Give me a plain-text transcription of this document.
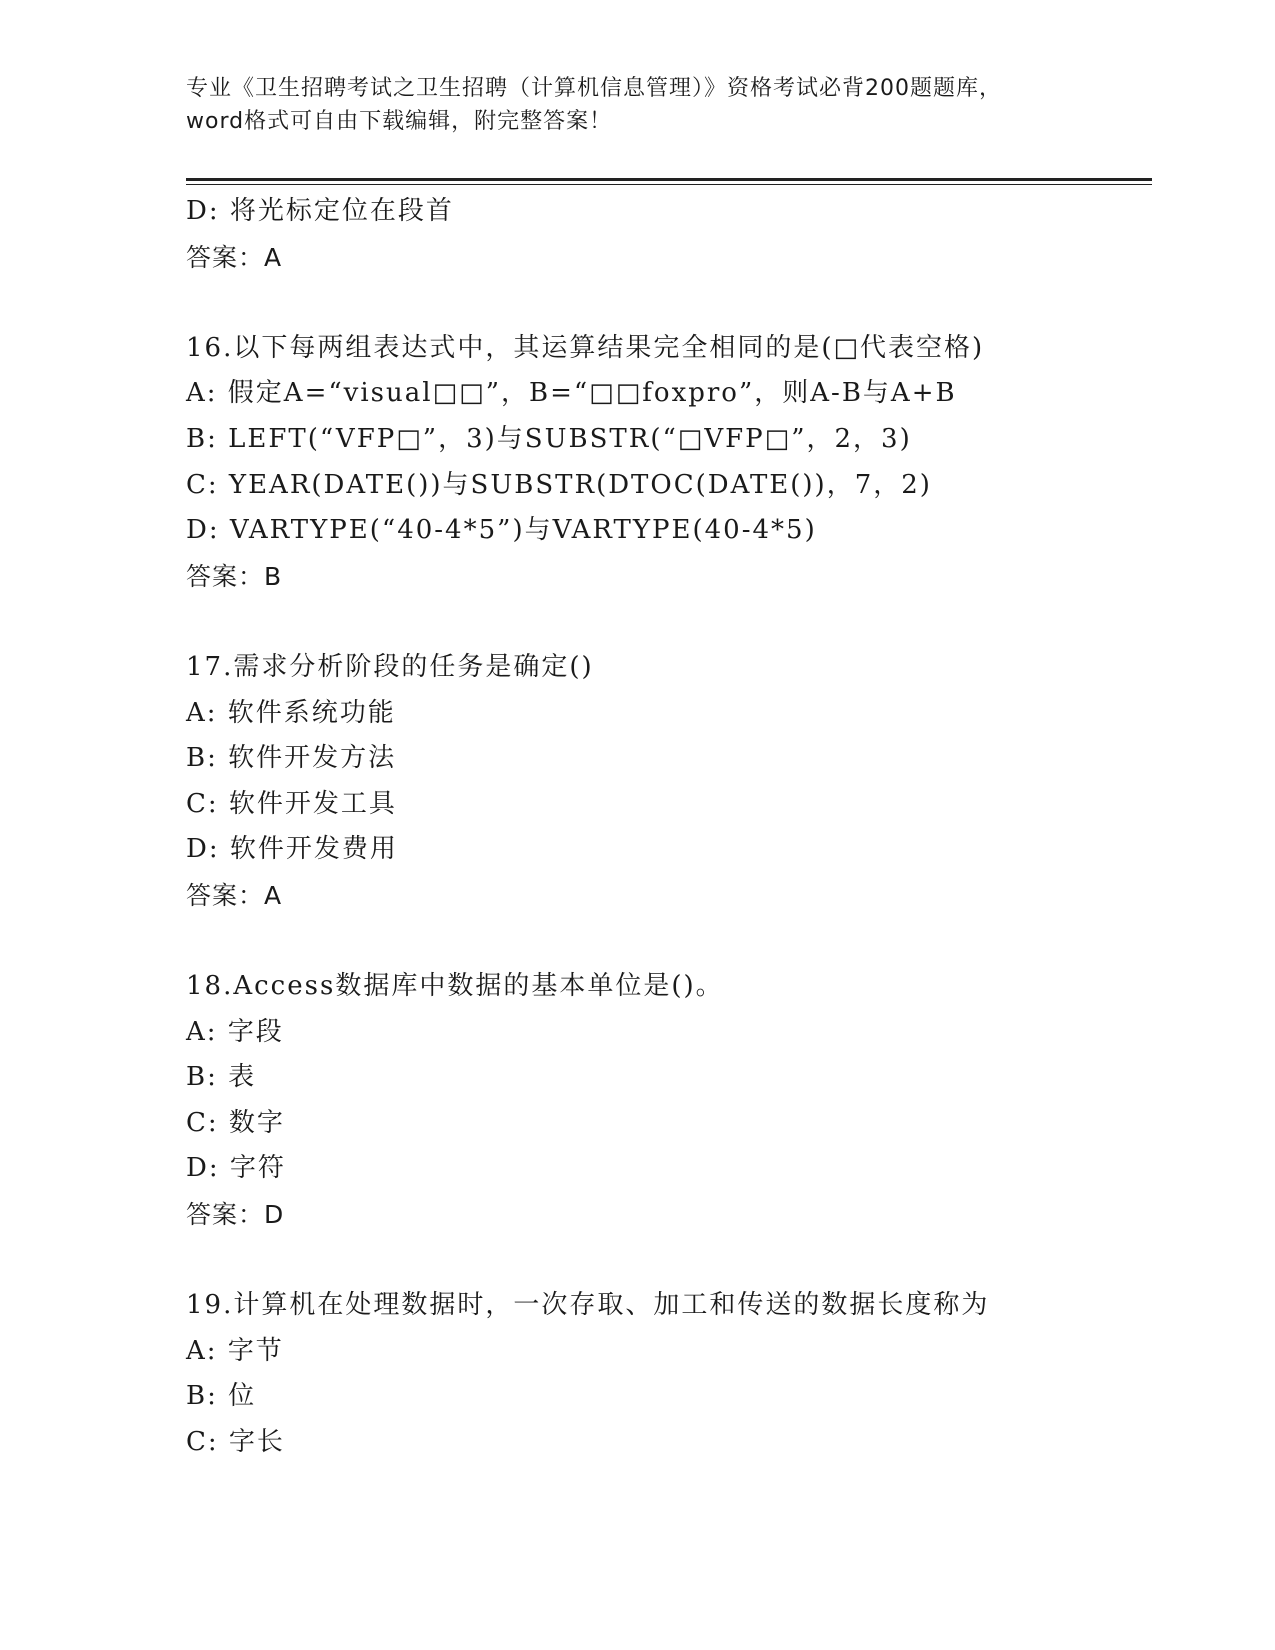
专业《卫生招聘考试之卫生招聘（计算机信息管理）》资格考试必背200题题库，
word格式可自由下载编辑，附完整答案！
D: 将光标定位在段首
答案：A
16.以下每两组表达式中，其运算结果完全相同的是(□代表空格)
A: 假定A=“visual□□”，B=“□□foxpro”，则A-B与A+B
B: LEFT(“VFP□”，3)与SUBSTR(“□VFP□”，2，3)
C: YEAR(DATE())与SUBSTR(DTOC(DATE())，7，2)
D: VARTYPE(“40-4*5”)与VARTYPE(40-4*5)
答案：B
17.需求分析阶段的任务是确定()
A: 软件系统功能
B: 软件开发方法
C: 软件开发工具
D: 软件开发费用
答案：A
18.Access数据库中数据的基本单位是()。
A: 字段
B: 表
C: 数字
D: 字符
答案：D
19.计算机在处理数据时，一次存取、加工和传送的数据长度称为
A: 字节
B: 位
C: 字长
